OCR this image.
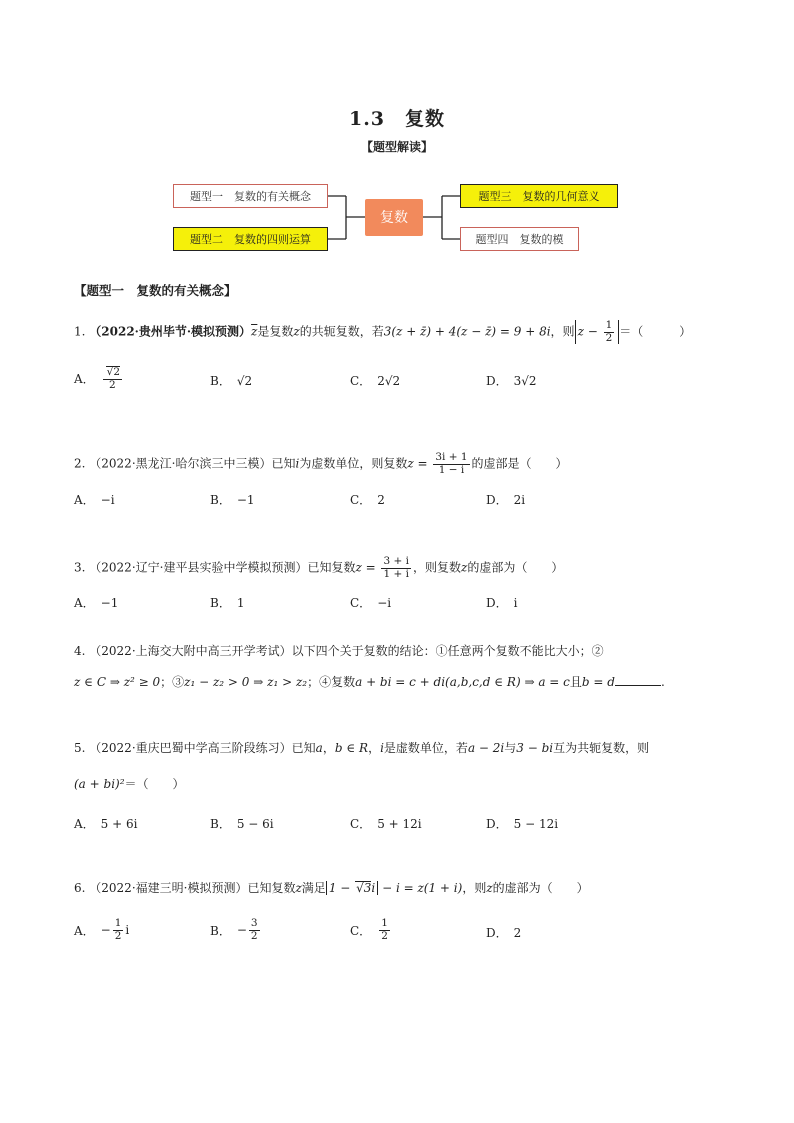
1.3　复数
【题型解读】
题型一　复数的有关概念
题型二　复数的四则运算
复数
题型三　复数的几何意义
题型四　复数的模
【题型一　复数的有关概念】
1. （2022·贵州毕节·模拟预测）$\overline{z}$是复数z的共轭复数，若3(z + z̄) + 4(z − z̄) = 9 + 8i，则 $z - \frac{1}{2}$ ＝（　　　）
A． $\frac{√2}{2}$	B． √2	C． 2√2	D． 3√2
2. （2022·黑龙江·哈尔滨三中三模）已知i为虚数单位，则复数$z = \frac{3i + 1}{1 - i}$ 的虚部是（　　）
A． −i	B． −1	C． 2	D． 2i
3. （2022·辽宁·建平县实验中学模拟预测）已知复数$z = \frac{3 + i}{1 + i}$ ，则复数z的虚部为（　　）
A． −1	B． 1	C． −i	D． i
4. （2022·上海交大附中高三开学考试）以下四个关于复数的结论：①任意两个复数不能比大小；②
z ∈ C ⇒ z² ≥ 0；③z₁ − z₂ > 0 ⇒ z₁ > z₂；④复数a + bi = c + di(a,b,c,d ∈ R) ⇒ a = c且b = d	.
5. （2022·重庆巴蜀中学高三阶段练习）已知a，b ∈ R，i是虚数单位，若a − 2i与3 − bi互为共轭复数，则
(a + bi)²＝（　　）
A． 5 + 6i	B． 5 − 6i	C． 5 + 12i	D． 5 − 12i
6. （2022·福建三明·模拟预测）已知复数z满足 1 − √3i − i = z(1 + i)，则z的虚部为（　　）
A． − $\frac{1}{2}$ i	B． − $\frac{3}{2}$	C． $\frac{1}{2}$	D． 2
